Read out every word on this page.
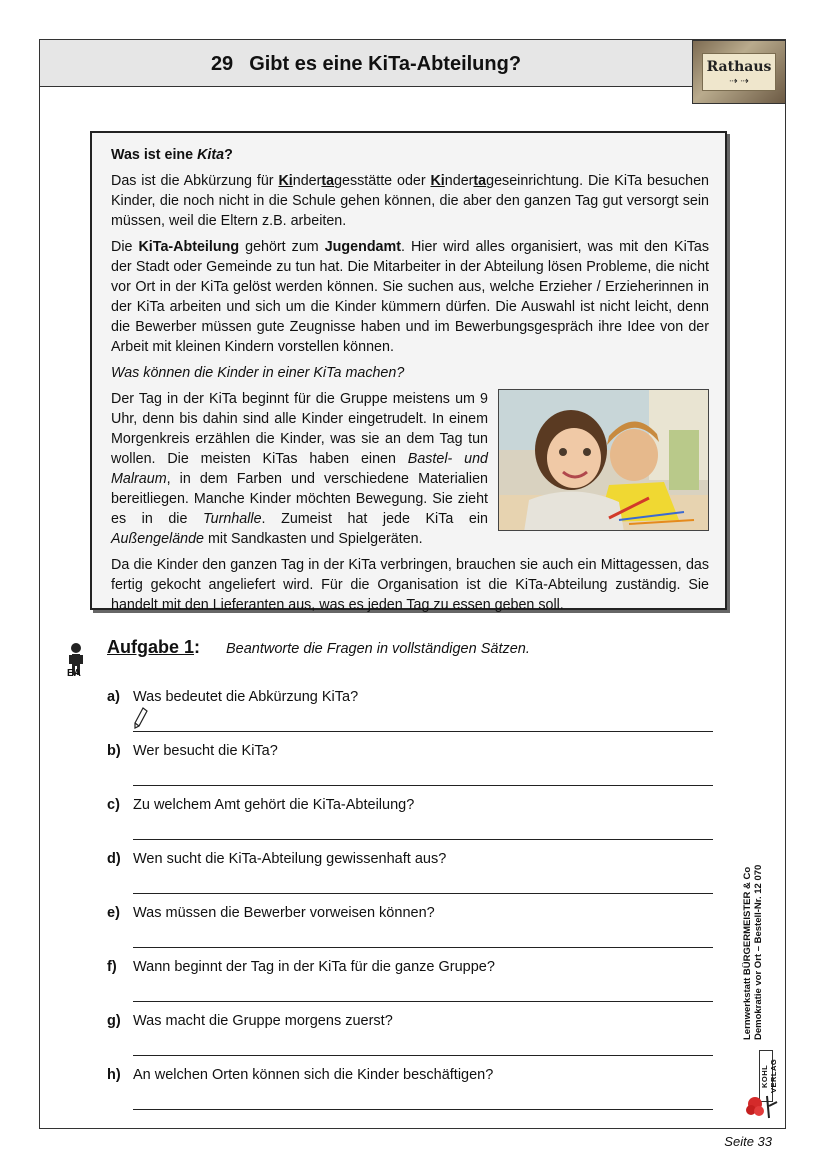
29 Gibt es eine KiTa-Abteilung?	Rathaus
⇢ ⇢

Was ist eine Kita?

Das ist die Abkürzung für Kindertagesstätte oder Kindertageseinrichtung. Die KiTa besuchen Kinder, die noch nicht in die Schule gehen können, die aber den ganzen Tag gut versorgt sein müssen, weil die Eltern z.B. arbeiten.

Die KiTa-Abteilung gehört zum Jugendamt. Hier wird alles organisiert, was mit den KiTas der Stadt oder Gemeinde zu tun hat. Die Mitarbeiter in der Abteilung lösen Probleme, die nicht vor Ort in der KiTa gelöst werden können. Sie suchen aus, welche Erzieher / Erzieherinnen in der KiTa arbeiten und sich um die Kinder kümmern dürfen. Die Auswahl ist nicht leicht, denn die Bewerber müssen gute Zeugnisse haben und im Bewerbungsgespräch ihre Idee von der Arbeit mit kleinen Kindern vorstellen können.

Was können die Kinder in einer KiTa machen?

Der Tag in der KiTa beginnt für die Gruppe meistens um 9 Uhr, denn bis dahin sind alle Kinder eingetrudelt. In einem Morgenkreis erzählen die Kinder, was sie an dem Tag tun wollen. Die meisten KiTas haben einen Bastel- und Malraum, in dem Farben und verschiedene Materialien bereitliegen. Manche Kinder möchten Bewegung. Sie zieht es in die Turnhalle. Zumeist hat jede KiTa ein Außengelände mit Sandkasten und Spielgeräten.

Da die Kinder den ganzen Tag in der KiTa verbringen, brauchen sie auch ein Mittagessen, das fertig gekocht angeliefert wird. Für die Organisation ist die KiTa-Abteilung zuständig. Sie handelt mit den Lieferanten aus, was es jeden Tag zu essen geben soll.

EA
Aufgabe 1: Beantworte die Fragen in vollständigen Sätzen.
a) Was bedeutet die Abkürzung KiTa?
b) Wer besucht die KiTa?
c) Zu welchem Amt gehört die KiTa-Abteilung?
d) Wen sucht die KiTa-Abteilung gewissenhaft aus?
e) Was müssen die Bewerber vorweisen können?
f) Wann beginnt der Tag in der KiTa für die ganze Gruppe?
g) Was macht die Gruppe morgens zuerst?
h) An welchen Orten können sich die Kinder beschäftigen?
Lernwerkstatt BÜRGERMEISTER & Co
Demokratie vor Ort – Bestell-Nr. 12 070
KOHL VERLAG
Seite 33
